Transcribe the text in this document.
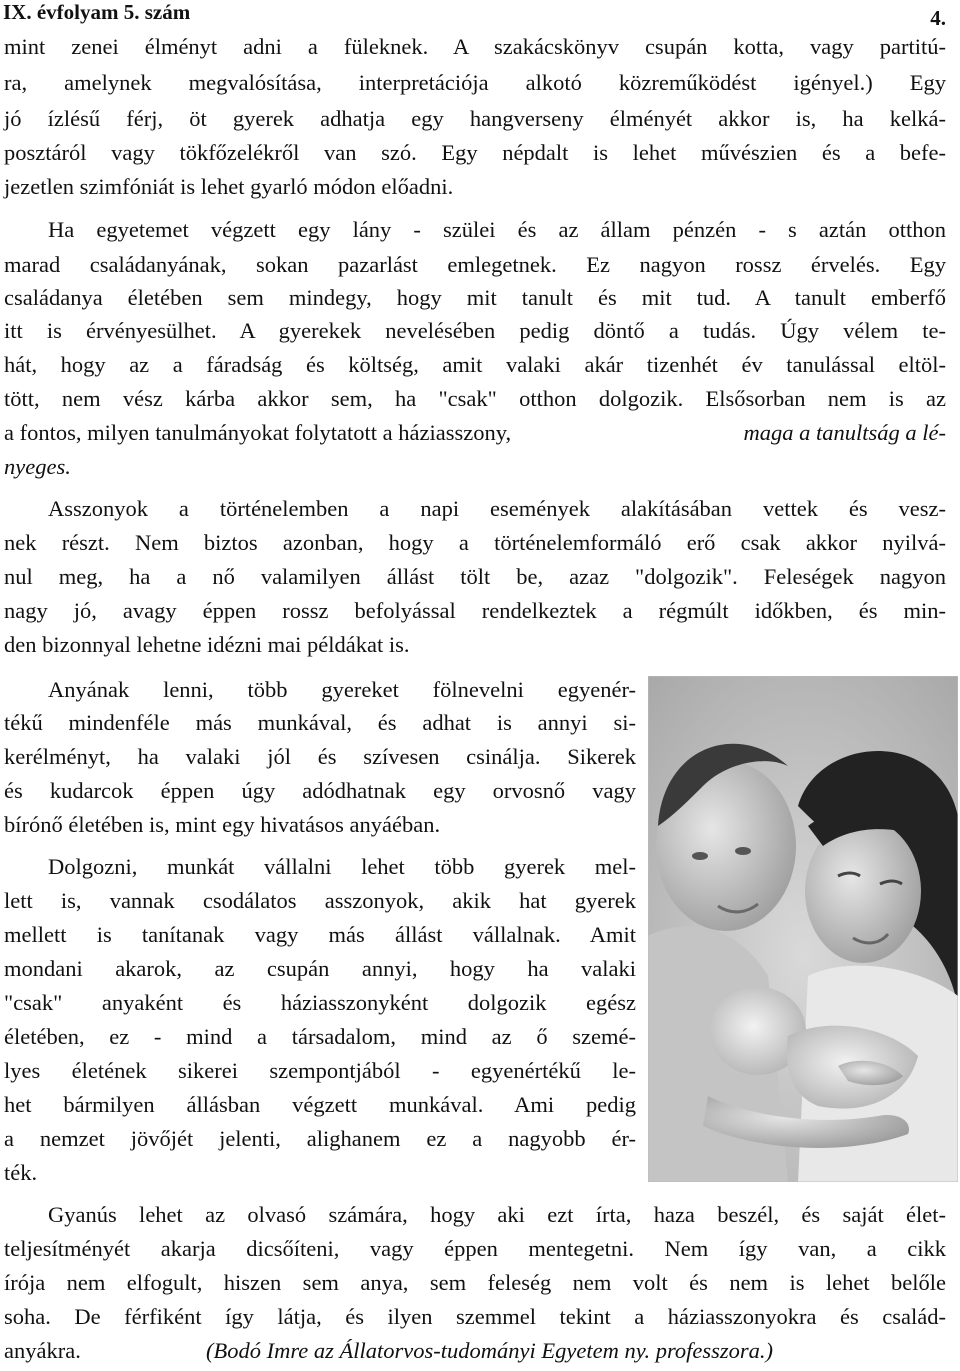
IX. évfolyam 5. szám	4.
mint zenei élményt adni a füleknek. A szakácskönyv csupán kotta, vagy partitú-
ra, amelynek megvalósítása, interpretációja alkotó közreműködést igényel.) Egy
jó ízlésű férj, öt gyerek adhatja egy hangverseny élményét akkor is, ha kelká-
posztáról vagy tökfőzelékről van szó. Egy népdalt is lehet művészien és a befe-
jezetlen szimfóniát is lehet gyarló módon előadni.
Ha egyetemet végzett egy lány - szülei és az állam pénzén - s aztán otthon
marad családanyának, sokan pazarlást emlegetnek. Ez nagyon rossz érvelés. Egy
családanya életében sem mindegy, hogy mit tanult és mit tud. A tanult emberfő
itt is érvényesülhet. A gyerekek nevelésében pedig döntő a tudás. Úgy vélem te-
hát, hogy az a fáradság és költség, amit valaki akár tizenhét év tanulással eltöl-
tött, nem vész kárba akkor sem, ha "csak" otthon dolgozik. Elsősorban nem is az
a fontos, milyen tanulmányokat folytatott a háziasszony,	maga a tanultság a lé-
nyeges.
Asszonyok a történelemben a napi események alakításában vettek és vesz-
nek részt. Nem biztos azonban, hogy a történelemformáló erő csak akkor nyilvá-
nul meg, ha a nő valamilyen állást tölt be, azaz "dolgozik". Feleségek nagyon
nagy jó, avagy éppen rossz befolyással rendelkeztek a régmúlt időkben, és min-
den bizonnyal lehetne idézni mai példákat is.
Anyának lenni, több gyereket fölnevelni egyenér-
tékű mindenféle más munkával, és adhat is annyi si-
kerélményt, ha valaki jól és szívesen csinálja. Sikerek
és kudarcok éppen úgy adódhatnak egy orvosnő vagy
bírónő életében is, mint egy hivatásos anyáéban.
Dolgozni, munkát vállalni lehet több gyerek mel-
lett is, vannak csodálatos asszonyok, akik hat gyerek
mellett is tanítanak vagy más állást vállalnak. Amit
mondani akarok, az csupán annyi, hogy ha valaki
"csak" anyaként és háziasszonyként dolgozik egész
életében, ez - mind a társadalom, mind az ő szemé-
lyes életének sikerei szempontjából - egyenértékű le-
het bármilyen állásban végzett munkával. Ami pedig
a nemzet jövőjét jelenti, alighanem ez a nagyobb ér-
ték.
Gyanús lehet az olvasó számára, hogy aki ezt írta, haza beszél, és saját élet-
teljesítményét akarja dicsőíteni, vagy éppen mentegetni. Nem így van, a cikk
írója nem elfogult, hiszen sem anya, sem feleség nem volt és nem is lehet belőle
soha. De férfiként így látja, és ilyen szemmel tekint a háziasszonyokra és család-
anyákra.	(Bodó Imre az Állatorvos-tudományi Egyetem ny. professzora.)
